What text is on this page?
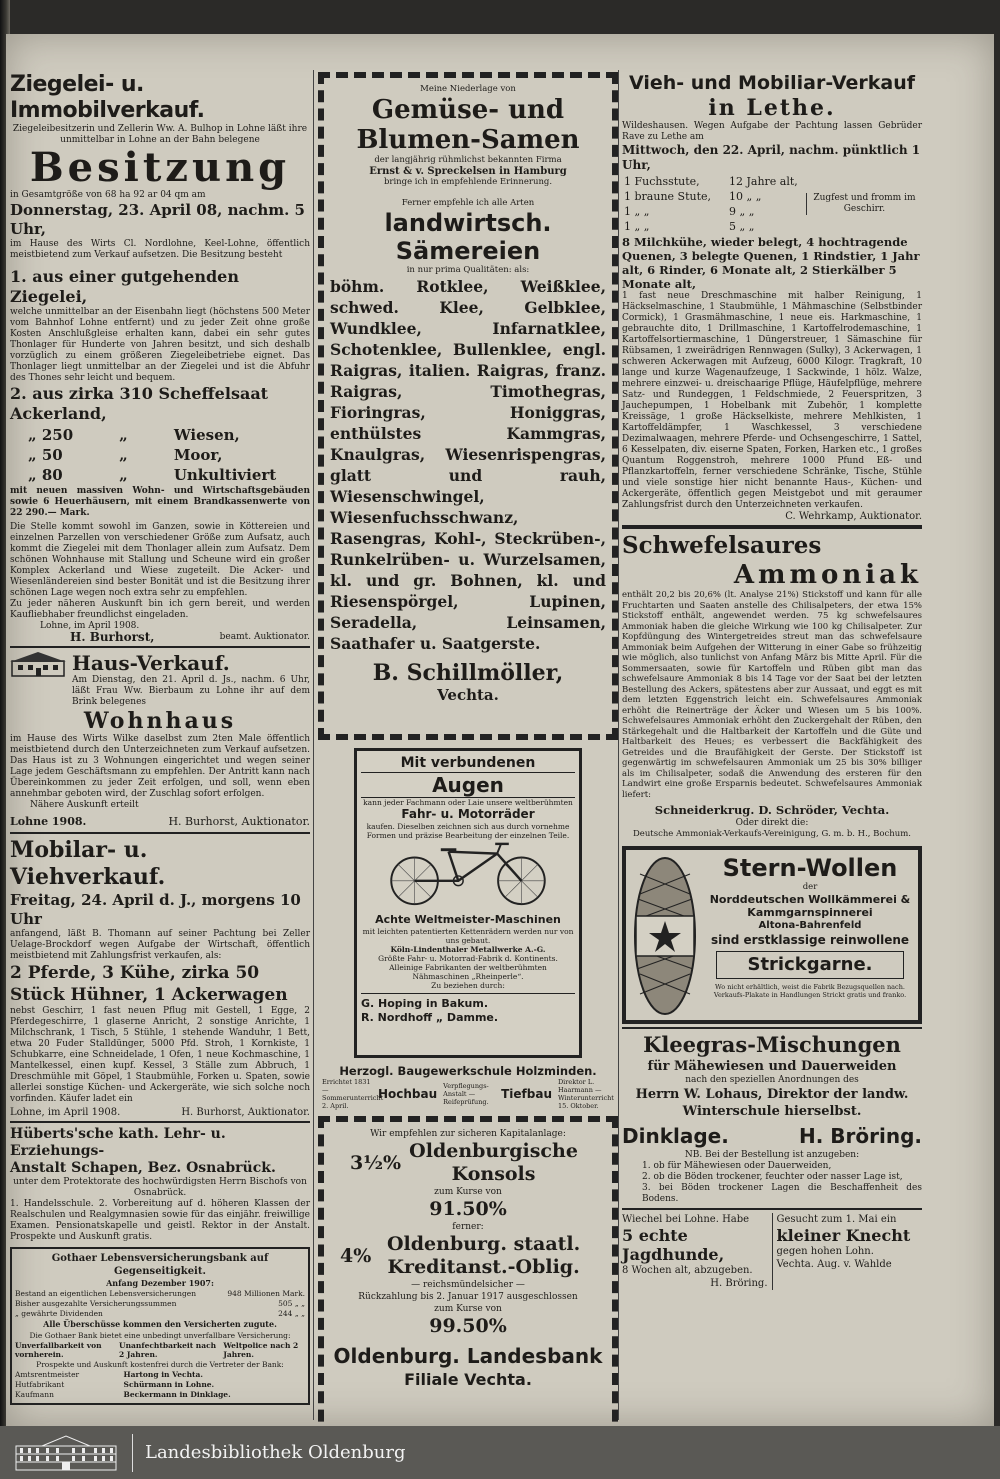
Ziegelei- u. Immobilverkauf.
Ziegeleibesitzerin und Zellerin Ww. A. Bulhop in Lohne läßt ihre unmittelbar in Lohne an der Bahn belegene
Besitzung
in Gesamtgröße von 68 ha 92 ar 04 qm am
Donnerstag, 23. April 08, nachm. 5 Uhr,
im Hause des Wirts Cl. Nordlohne, Keel-Lohne, öffentlich meistbietend zum Verkauf aufsetzen. Die Besitzung besteht
1. aus einer gutgehenden Ziegelei,
welche unmittelbar an der Eisenbahn liegt (höchstens 500 Meter vom Bahnhof Lohne entfernt) und zu jeder Zeit ohne große Kosten Anschlußgleise erhalten kann, dabei ein sehr gutes Thonlager für Hunderte von Jahren besitzt, und sich deshalb vorzüglich zu einem größeren Ziegeleibetriebe eignet. Das Thonlager liegt unmittelbar an der Ziegelei und ist die Abfuhr des Thones sehr leicht und bequem.
2. aus zirka 310 Scheffelsaat Ackerland,
„ 250	„	Wiesen,
„ 50	„	Moor,
„ 80	„	Unkultiviert
mit neuen massiven Wohn- und Wirtschaftsgebäuden sowie 6 Heuerhäusern, mit einem Brandkassenwerte von 22 290.— Mark.
Die Stelle kommt sowohl im Ganzen, sowie in Köttereien und einzelnen Parzellen von verschiedener Größe zum Aufsatz, auch kommt die Ziegelei mit dem Thonlager allein zum Aufsatz. Dem schönen Wohnhause mit Stallung und Scheune wird ein großer Komplex Ackerland und Wiese zugeteilt. Die Acker- und Wiesenländereien sind bester Bonität und ist die Besitzung ihrer schönen Lage wegen noch extra sehr zu empfehlen.
Zu jeder näheren Auskunft bin ich gern bereit, und werden Kaufliebhaber freundlichst eingeladen.
Lohne, im April 1908.
H. Burhorst,	beamt. Auktionator.
Haus-Verkauf.
Am Dienstag, den 21. April d. Js., nachm. 6 Uhr, läßt Frau Ww. Bierbaum zu Lohne ihr auf dem Brink belegenes
Wohnhaus
im Hause des Wirts Wilke daselbst zum 2ten Male öffentlich meistbietend durch den Unterzeichneten zum Verkauf aufsetzen. Das Haus ist zu 3 Wohnungen eingerichtet und wegen seiner Lage jedem Geschäftsmann zu empfehlen. Der Antritt kann nach Übereinkommen zu jeder Zeit erfolgen, und soll, wenn eben annehmbar geboten wird, der Zuschlag sofort erfolgen.
Nähere Auskunft erteilt
Lohne 1908.	H. Burhorst, Auktionator.
Mobilar- u. Viehverkauf.
Freitag, 24. April d. J., morgens 10 Uhr
anfangend, läßt B. Thomann auf seiner Pachtung bei Zeller Uelage-Brockdorf wegen Aufgabe der Wirtschaft, öffentlich meistbietend mit Zahlungsfrist verkaufen, als:
2 Pferde, 3 Kühe, zirka 50
Stück Hühner, 1 Ackerwagen
nebst Geschirr, 1 fast neuen Pflug mit Gestell, 1 Egge, 2 Pferdegeschirre, 1 glaserne Anricht, 2 sonstige Anrichte, 1 Milchschrank, 1 Tisch, 5 Stühle, 1 stehende Wanduhr, 1 Bett, etwa 20 Fuder Stalldünger, 5000 Pfd. Stroh, 1 Kornkiste, 1 Schubkarre, eine Schneidelade, 1 Ofen, 1 neue Kochmaschine, 1 Mantelkessel, einen kupf. Kessel, 3 Ställe zum Abbruch, 1 Dreschmühle mit Göpel, 1 Staubmühle, Forken u. Spaten, sowie allerlei sonstige Küchen- und Ackergeräte, wie sich solche noch vorfinden. Käufer ladet ein
Lohne, im April 1908.	H. Burhorst, Auktionator.
Hüberts'sche kath. Lehr- u. Erziehungs-
Anstalt Schapen, Bez. Osnabrück.
unter dem Protektorate des hochwürdigsten Herrn Bischofs von Osnabrück.
1. Handelsschule. 2. Vorbereitung auf d. höheren Klassen der Realschulen und Realgymnasien sowie für das einjähr. freiwillige Examen. Pensionatskapelle und geistl. Rektor in der Anstalt. Prospekte und Auskunft gratis.
Gothaer Lebensversicherungsbank auf Gegenseitigkeit.
Anfang Dezember 1907:
Bestand an eigentlichen Lebensversicherungen	948 Millionen Mark.
Bisher ausgezahlte Versicherungssummen	505 „ „
„ gewährte Dividenden	244 „ „
Alle Überschüsse kommen den Versicherten zugute.
Die Gothaer Bank bietet eine unbedingt unverfallbare Versicherung:
Unverfallbarkeit von vornherein.
Unanfechtbarkeit nach 2 Jahren.
Weltpolice nach 2 Jahren.
Prospekte und Auskunft kostenfrei durch die Vertreter der Bank:
Amtsrentmeister	Hartong in Vechta.
Hutfabrikant	Schürmann in Lohne.
Kaufmann	Beckermann in Dinklage.
Meine Niederlage von
Gemüse- und
Blumen-Samen
der langjährig rühmlichst bekannten Firma
Ernst & v. Spreckelsen in Hamburg
bringe ich in empfehlende Erinnerung.
Ferner empfehle ich alle Arten
landwirtsch. Sämereien
in nur prima Qualitäten: als:
böhm. Rotklee, Weißklee, schwed. Klee, Gelbklee, Wundklee, Infarnatklee, Schotenklee, Bullenklee, engl. Raigras, italien. Raigras, franz. Raigras, Timothegras, Fioringras, Honiggras, enthülstes Kammgras, Knaulgras, Wiesenrispengras, glatt und rauh, Wiesenschwingel, Wiesenfuchsschwanz, Rasengras, Kohl-, Steckrüben-, Runkelrüben- u. Wurzelsamen, kl. und gr. Bohnen, kl. und Riesenspörgel, Lupinen, Seradella, Leinsamen, Saathafer u. Saatgerste.
B. Schillmöller,
Vechta.
Mit verbundenen
Augen
kann jeder Fachmann oder Laie unsere weltberühmten
Fahr- u. Motorräder
kaufen. Dieselben zeichnen sich aus durch vornehme Formen und präzise Bearbeitung der einzelnen Teile.
Achte Weltmeister-Maschinen
mit leichten patentierten Kettenrädern werden nur von uns gebaut.
Köln-Lindenthaler Metallwerke A.-G.
Größte Fahr- u. Motorrad-Fabrik d. Kontinents. Alleinige Fabrikanten der weltberühmten Nähmaschinen „Rheinperle“.
Zu beziehen durch:
G. Hoping in Bakum.
R. Nordhoff „ Damme.
Herzogl. Baugewerkschule Holzminden.
Errichtet 1831 — Sommerunterricht 2. April.
Hochbau
Verpflegungs-Anstalt — Reifeprüfung.
Tiefbau
Direktor L. Haarmann — Winterunterricht 15. Oktober.
Wir empfehlen zur sicheren Kapitalanlage:
3½%
Oldenburgische Konsols
zum Kurse von
91.50%
ferner:
4%
Oldenburg. staatl. Kreditanst.-Oblig.
— reichsmündelsicher —
Rückzahlung bis 2. Januar 1917 ausgeschlossen
zum Kurse von
99.50%
Oldenburg. Landesbank
Filiale Vechta.
Vieh- und Mobiliar-Verkauf
in Lethe.
Wildeshausen. Wegen Aufgabe der Pachtung lassen Gebrüder Rave zu Lethe am
Mittwoch, den 22. April, nachm. pünktlich 1 Uhr,
1 Fuchsstute,	12 Jahre alt,
1 braune Stute,	10 „ „
1 „ „	9 „ „
1 „ „	5 „ „
Zugfest und fromm im Geschirr.
8 Milchkühe, wieder belegt, 4 hochtragende Quenen, 3 belegte Quenen, 1 Rindstier, 1 Jahr alt, 6 Rinder, 6 Monate alt, 2 Stierkälber 5 Monate alt,
1 fast neue Dreschmaschine mit halber Reinigung, 1 Häckselmaschine, 1 Staubmühle, 1 Mähmaschine (Selbstbinder Cormick), 1 Grasmähmaschine, 1 neue eis. Harkmaschine, 1 gebrauchte dito, 1 Drillmaschine, 1 Kartoffelrodemaschine, 1 Kartoffelsortiermaschine, 1 Düngerstreuer, 1 Sämaschine für Rübsamen, 1 zweirädrigen Rennwagen (Sulky), 3 Ackerwagen, 1 schweren Ackerwagen mit Aufzeug, 6000 Kilogr. Tragkraft, 10 lange und kurze Wagenaufzeuge, 1 Sackwinde, 1 hölz. Walze, mehrere einzwei- u. dreischaarige Pflüge, Häufelpflüge, mehrere Satz- und Rundeggen, 1 Feldschmiede, 2 Feuerspritzen, 3 Jauchepumpen, 1 Hobelbank mit Zubehör, 1 komplette Kreissäge, 1 große Häckselkiste, mehrere Mehlkisten, 1 Kartoffeldämpfer, 1 Waschkessel, 3 verschiedene Dezimalwaagen, mehrere Pferde- und Ochsengeschirre, 1 Sattel, 6 Kesselpaten, div. eiserne Spaten, Forken, Harken etc., 1 großes Quantum Roggenstroh, mehrere 1000 Pfund Eß- und Pflanzkartoffeln, ferner verschiedene Schränke, Tische, Stühle und viele sonstige hier nicht benannte Haus-, Küchen- und Ackergeräte, öffentlich gegen Meistgebot und mit geraumer Zahlungsfrist durch den Unterzeichneten verkaufen.
C. Wehrkamp, Auktionator.
Schwefelsaures
Ammoniak
enthält 20,2 bis 20,6% (lt. Analyse 21%) Stickstoff und kann für alle Fruchtarten und Saaten anstelle des Chilisalpeters, der etwa 15% Stickstoff enthält, angewendet werden. 75 kg schwefelsaures Ammoniak haben die gleiche Wirkung wie 100 kg Chilisalpeter. Zur Kopfdüngung des Wintergetreides streut man das schwefelsaure Ammoniak beim Aufgehen der Witterung in einer Gabe so frühzeitig wie möglich, also tunlichst von Anfang März bis Mitte April. Für die Sommersaaten, sowie für Kartoffeln und Rüben gibt man das schwefelsaure Ammoniak 8 bis 14 Tage vor der Saat bei der letzten Bestellung des Ackers, spätestens aber zur Aussaat, und eggt es mit dem letzten Eggenstrich leicht ein. Schwefelsaures Ammoniak erhöht die Reinerträge der Äcker und Wiesen um 5 bis 100%. Schwefelsaures Ammoniak erhöht den Zuckergehalt der Rüben, den Stärkegehalt und die Haltbarkeit der Kartoffeln und die Güte und Haltbarkeit des Heues; es verbessert die Backfähigkeit des Getreides und die Braufähigkeit der Gerste. Der Stickstoff ist gegenwärtig im schwefelsauren Ammoniak um 25 bis 30% billiger als im Chilisalpeter, sodaß die Anwendung des ersteren für den Landwirt eine große Ersparnis bedeutet. Schwefelsaures Ammoniak liefert:
Schneiderkrug. D. Schröder, Vechta.
Oder direkt die:
Deutsche Ammoniak-Verkaufs-Vereinigung, G. m. b. H., Bochum.
Stern-Wollen
der
Norddeutschen Wollkämmerei & Kammgarnspinnerei
Altona-Bahrenfeld
sind erstklassige reinwollene
Strickgarne.
Wo nicht erhältlich, weist die Fabrik Bezugsquellen nach. Verkaufs-Plakate in Handlungen Strickt gratis und franko.
Kleegras-Mischungen
für Mähewiesen und Dauerweiden
nach den speziellen Anordnungen des
Herrn W. Lohaus, Direktor der landw. Winterschule hierselbst.
Dinklage.	H. Bröring.
NB. Bei der Bestellung ist anzugeben:
1. ob für Mähewiesen oder Dauerweiden,
2. ob die Böden trockener, feuchter oder nasser Lage ist,
3. bei Böden trockener Lagen die Beschaffenheit des Bodens.
Wiechel bei Lohne. Habe
5 echte Jagdhunde,
8 Wochen alt, abzugeben.
H. Bröring.

Gesucht zum 1. Mai ein
kleiner Knecht
gegen hohen Lohn.
Vechta. Aug. v. Wahlde
Landesbibliothek Oldenburg
